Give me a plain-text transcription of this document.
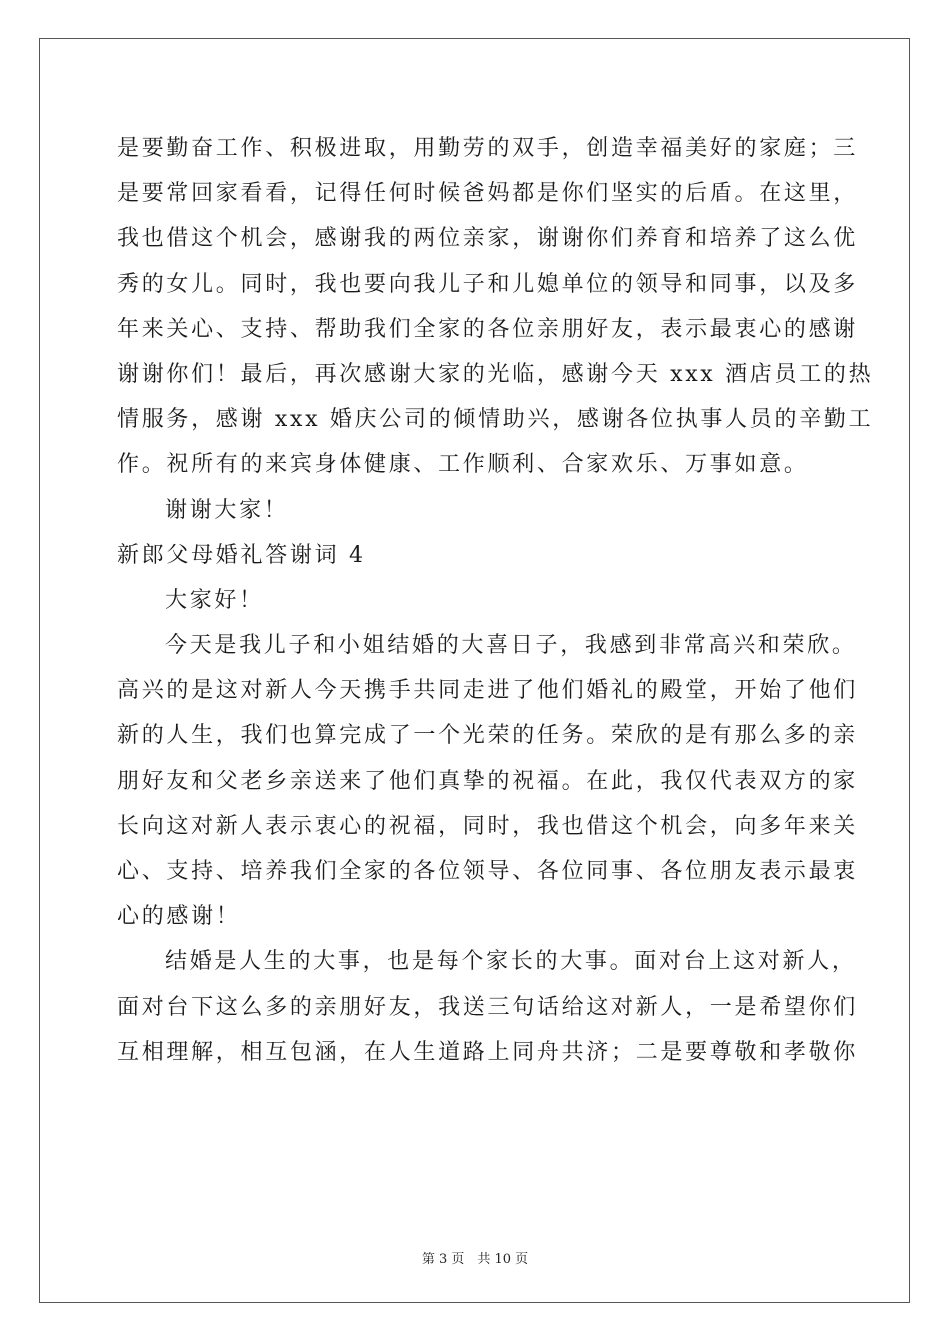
是要勤奋工作、积极进取，用勤劳的双手，创造幸福美好的家庭；三
是要常回家看看，记得任何时候爸妈都是你们坚实的后盾。在这里，
我也借这个机会，感谢我的两位亲家，谢谢你们养育和培养了这么优
秀的女儿。同时，我也要向我儿子和儿媳单位的领导和同事，以及多
年来关心、支持、帮助我们全家的各位亲朋好友，表示最衷心的感谢
谢谢你们！最后，再次感谢大家的光临，感谢今天 xxx 酒店员工的热
情服务，感谢 xxx 婚庆公司的倾情助兴，感谢各位执事人员的辛勤工
作。祝所有的来宾身体健康、工作顺利、合家欢乐、万事如意。
谢谢大家！
新郎父母婚礼答谢词 4
大家好！
今天是我儿子和小姐结婚的大喜日子，我感到非常高兴和荣欣。
高兴的是这对新人今天携手共同走进了他们婚礼的殿堂，开始了他们
新的人生，我们也算完成了一个光荣的任务。荣欣的是有那么多的亲
朋好友和父老乡亲送来了他们真挚的祝福。在此，我仅代表双方的家
长向这对新人表示衷心的祝福，同时，我也借这个机会，向多年来关
心、支持、培养我们全家的各位领导、各位同事、各位朋友表示最衷
心的感谢！
结婚是人生的大事，也是每个家长的大事。面对台上这对新人，
面对台下这么多的亲朋好友，我送三句话给这对新人，一是希望你们
互相理解，相互包涵，在人生道路上同舟共济；二是要尊敬和孝敬你
第 3 页　共 10 页
